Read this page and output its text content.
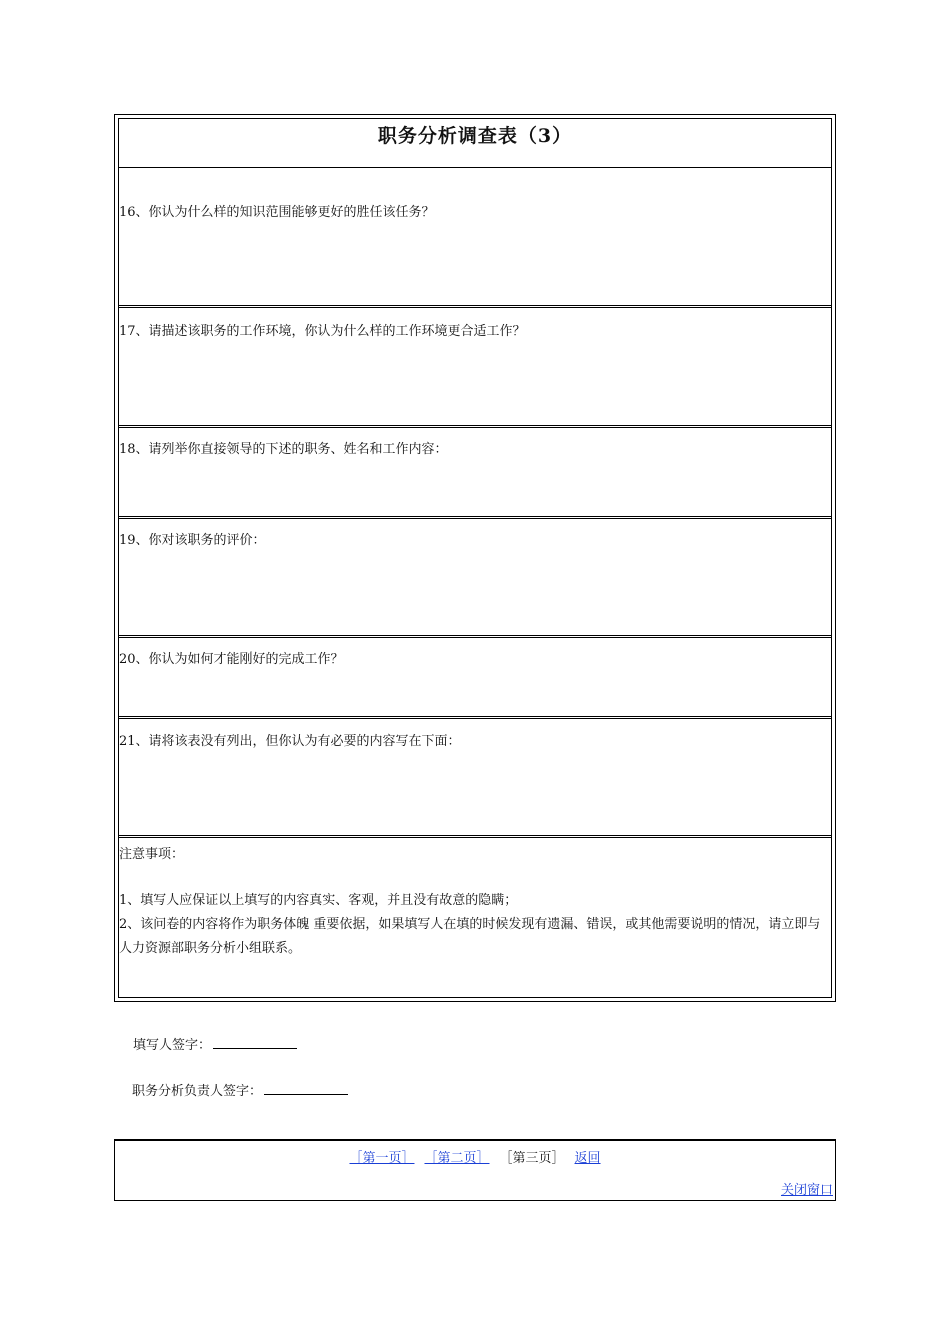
职务分析调查表（3）
16、你认为什么样的知识范围能够更好的胜任该任务？
17、请描述该职务的工作环境，你认为什么样的工作环境更合适工作？
18、请列举你直接领导的下述的职务、姓名和工作内容：
19、你对该职务的评价：
20、你认为如何才能刚好的完成工作？
21、请将该表没有列出，但你认为有必要的内容写在下面：
注意事项：
1、填写人应保证以上填写的内容真实、客观，并且没有故意的隐瞒；
2、该问卷的内容将作为职务体魄 重要依据，如果填写人在填的时候发现有遗漏、错误，或其他需要说明的情况，请立即与人力资源部职务分析小组联系。
填写人签字：
职务分析负责人签字：
［第一页］ ［第二页］ ［第三页］ 返回
关闭窗口
